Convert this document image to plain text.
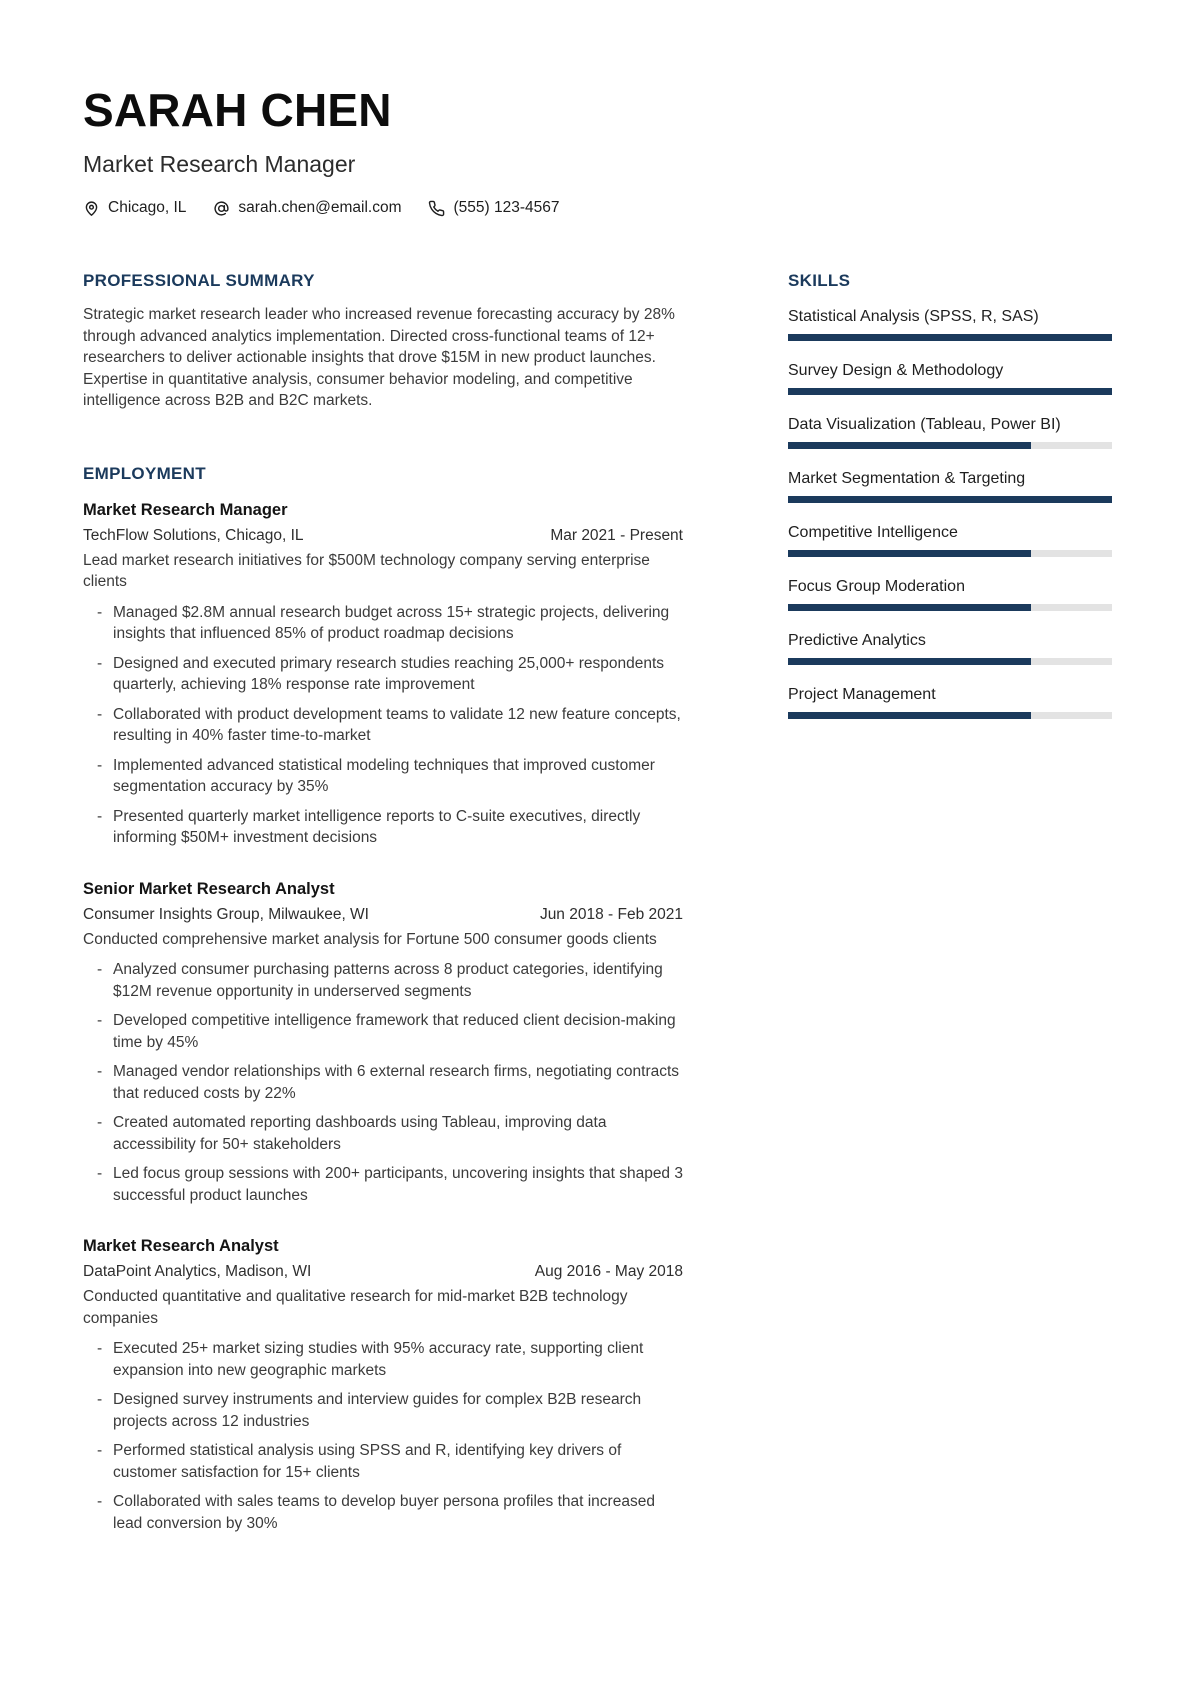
SARAH CHEN
Market Research Manager
Chicago, IL	sarah.chen@email.com	(555) 123-4567
PROFESSIONAL SUMMARY
Strategic market research leader who increased revenue forecasting accuracy by 28% through advanced analytics implementation. Directed cross-functional teams of 12+ researchers to deliver actionable insights that drove $15M in new product launches. Expertise in quantitative analysis, consumer behavior modeling, and competitive intelligence across B2B and B2C markets.
EMPLOYMENT
Market Research Manager
TechFlow Solutions, Chicago, IL	Mar 2021 - Present
Lead market research initiatives for $500M technology company serving enterprise clients
- Managed $2.8M annual research budget across 15+ strategic projects, delivering insights that influenced 85% of product roadmap decisions
- Designed and executed primary research studies reaching 25,000+ respondents quarterly, achieving 18% response rate improvement
- Collaborated with product development teams to validate 12 new feature concepts, resulting in 40% faster time-to-market
- Implemented advanced statistical modeling techniques that improved customer segmentation accuracy by 35%
- Presented quarterly market intelligence reports to C-suite executives, directly informing $50M+ investment decisions
Senior Market Research Analyst
Consumer Insights Group, Milwaukee, WI	Jun 2018 - Feb 2021
Conducted comprehensive market analysis for Fortune 500 consumer goods clients
- Analyzed consumer purchasing patterns across 8 product categories, identifying $12M revenue opportunity in underserved segments
- Developed competitive intelligence framework that reduced client decision-making time by 45%
- Managed vendor relationships with 6 external research firms, negotiating contracts that reduced costs by 22%
- Created automated reporting dashboards using Tableau, improving data accessibility for 50+ stakeholders
- Led focus group sessions with 200+ participants, uncovering insights that shaped 3 successful product launches
Market Research Analyst
DataPoint Analytics, Madison, WI	Aug 2016 - May 2018
Conducted quantitative and qualitative research for mid-market B2B technology companies
- Executed 25+ market sizing studies with 95% accuracy rate, supporting client expansion into new geographic markets
- Designed survey instruments and interview guides for complex B2B research projects across 12 industries
- Performed statistical analysis using SPSS and R, identifying key drivers of customer satisfaction for 15+ clients
- Collaborated with sales teams to develop buyer persona profiles that increased lead conversion by 30%
SKILLS
Statistical Analysis (SPSS, R, SAS)
Survey Design & Methodology
Data Visualization (Tableau, Power BI)
Market Segmentation & Targeting
Competitive Intelligence
Focus Group Moderation
Predictive Analytics
Project Management
